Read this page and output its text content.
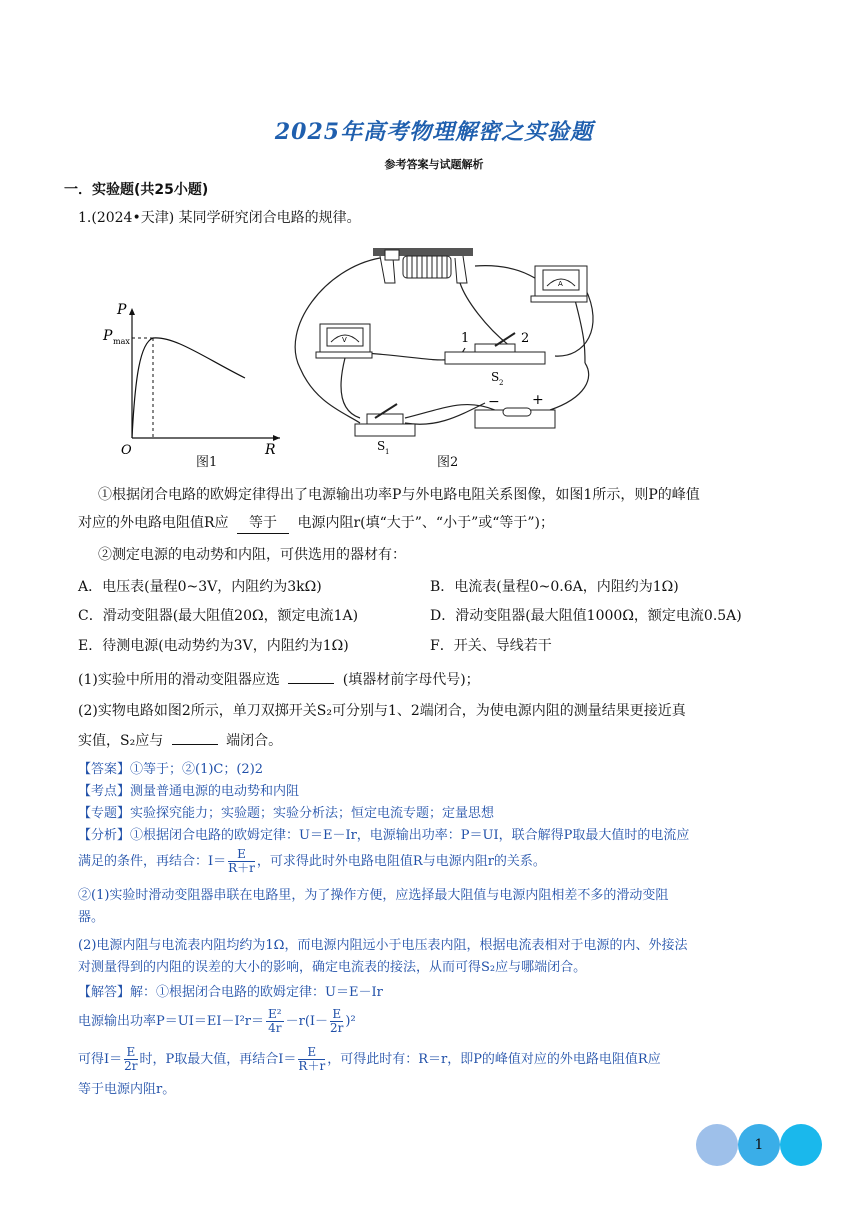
2025年高考物理解密之实验题
参考答案与试题解析
一．实验题(共25小题)
1.(2024•天津) 某同学研究闭合电路的规律。
P
P max
O	R
图1
A
V	1	2
S 2
− +
S 1
图2
①根据闭合电路的欧姆定律得出了电源输出功率P与外电路电阻关系图像，如图1所示，则P的峰值
对应的外电路电阻值R应 等于 电源内阻r(填“大于”、“小于”或“等于”)；
②测定电源的电动势和内阻，可供选用的器材有：
A．电压表(量程0~3V，内阻约为3kΩ)	B．电流表(量程0~0.6A，内阻约为1Ω)
C．滑动变阻器(最大阻值20Ω，额定电流1A)	D．滑动变阻器(最大阻值1000Ω，额定电流0.5A)
E．待测电源(电动势约为3V，内阻约为1Ω)	F．开关、导线若干
(1)实验中所用的滑动变阻器应选	(填器材前字母代号)；
(2)实物电路如图2所示，单刀双掷开关S₂可分别与1、2端闭合，为使电源内阻的测量结果更接近真
实值，S₂应与	端闭合。
【答案】①等于；②(1)C；(2)2
【考点】测量普通电源的电动势和内阻
【专题】实验探究能力；实验题；实验分析法；恒定电流专题；定量思想
【分析】①根据闭合电路的欧姆定律：U＝E－Ir，电源输出功率：P＝UI，联合解得P取最大值时的电流应
满足的条件，再结合：$I= \frac{E}{R+r}$ ，可求得此时外电路电阻值R与电源内阻r的关系。
②(1)实验时滑动变阻器串联在电路里，为了操作方便，应选择最大阻值与电源内阻相差不多的滑动变阻
器。
(2)电源内阻与电流表内阻均约为1Ω，而电源内阻远小于电压表内阻，根据电流表相对于电源的内、外接法
对测量得到的内阻的误差的大小的影响，确定电流表的接法，从而可得S₂应与哪端闭合。
【解答】解：①根据闭合电路的欧姆定律：U＝E－Ir
电源输出功率$P=UI=EI-I^2r= \frac{\text{E²}}{4r} -r(I- \frac{E}{2r} )^2$
可得$I= \frac{E}{2r}$ 时，P取最大值，再结合$I= \frac{E}{R+r}$ ，可得此时有：R＝r，即P的峰值对应的外电路电阻值R应
等于电源内阻r。
1
